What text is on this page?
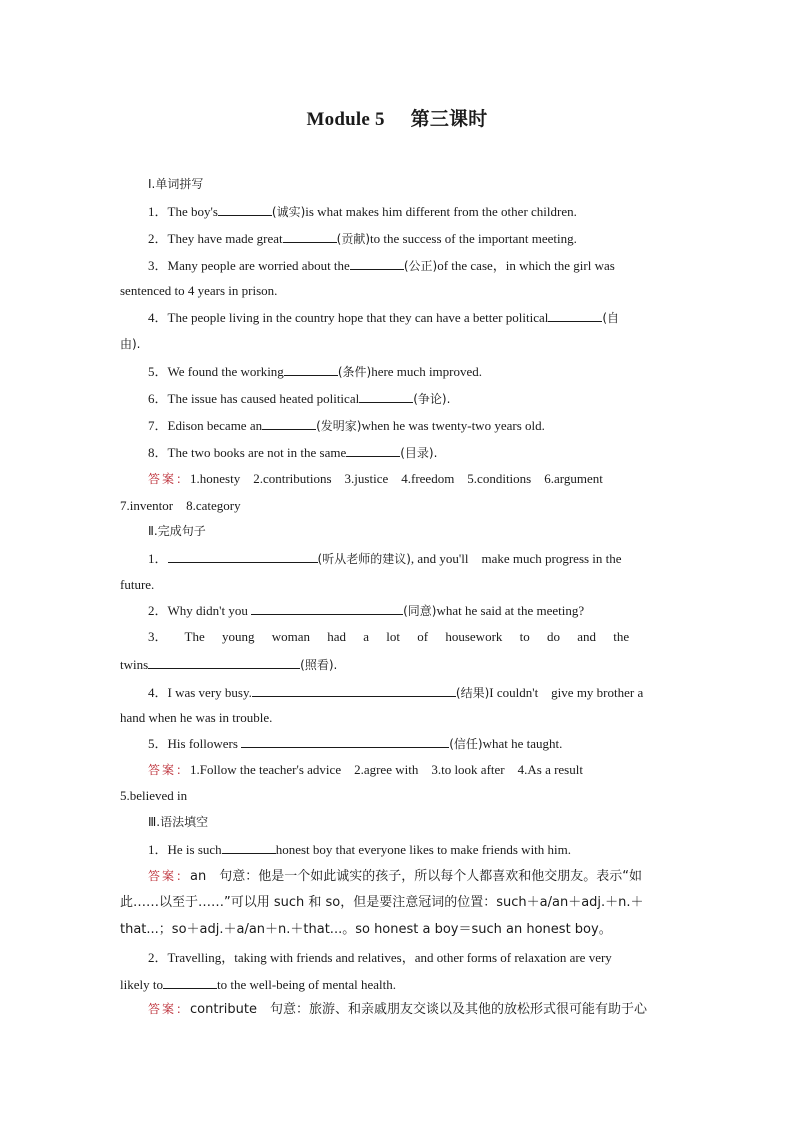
Module 5 第三课时
Ⅰ.单词拼写
1．The boy's	(诚实)is what makes him different from the other children.
2．They have made great	(贡献)to the success of the important meeting.
3．Many people are worried about the	(公正)of the case，in which the girl was
sentenced to 4 years in prison.
4．The people living in the country hope that they can have a better political	(自
由).
5．We found the working	(条件)here much improved.
6．The issue has caused heated political	(争论).
7．Edison became an	(发明家)when he was twenty-two years old.
8．The two books are not in the same	(目录).
答案：1.honesty　2.contributions　3.justice　4.freedom　5.conditions　6.argument
7.inventor　8.category
Ⅱ.完成句子
1．	(听从老师的建议), and you'll　make much progress in the
future.
2．Why didn't you	(同意)what he said at the meeting?
3． The young woman had a lot of housework to do and the
twins	(照看).
4．I was very busy.	(结果)I couldn't　give my brother a
hand when he was in trouble.
5．His followers	(信任)what he taught.
答案：1.Follow the teacher's advice　2.agree with　3.to look after　4.As a result
5.believed in
Ⅲ.语法填空
1．He is such	honest boy that everyone likes to make friends with him.
答案：an　句意：他是一个如此诚实的孩子，所以每个人都喜欢和他交朋友。表示“如
此……以至于……”可以用 such 和 so，但是要注意冠词的位置：such＋a/an＋adj.＋n.＋
that...；so＋adj.＋a/an＋n.＋that...。so honest a boy＝such an honest boy。
2．Travelling，taking with friends and relatives，and other forms of relaxation are very
likely to	to the well-being of mental health.
答案：contribute　句意：旅游、和亲戚朋友交谈以及其他的放松形式很可能有助于心
